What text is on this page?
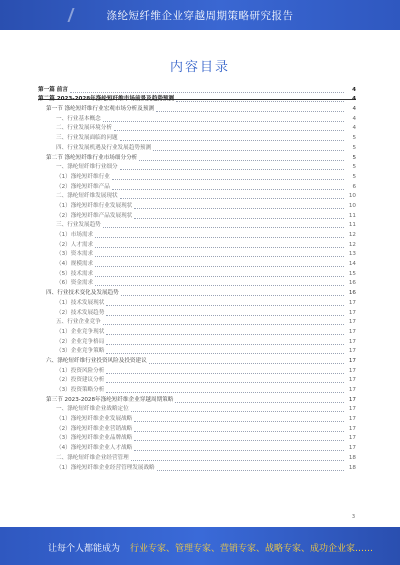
涤纶短纤维企业穿越周期策略研究报告
内容目录
第一篇 前言	4
第二篇 2023-2028年涤纶短纤维市场前景及趋势预测	4
第一节 涤纶短纤维行业宏观市场分析及预测	4
一、行业基本概念	4
二、行业发展环境分析	4
三、行业发展面临的问题	5
四、行业发展机遇及行业发展趋势预测	5
第二节 涤纶短纤维行业市场细分分析	5
一、涤纶短纤维行业细分	5
（1）涤纶短纤维行业	5
（2）涤纶短纤维产品	6
二、涤纶短纤维发展现状	10
（1）涤纶短纤维行业发展现状	10
（2）涤纶短纤维产品发展现状	11
三、行业发展趋势	11
（1）市场需求	12
（2）人才需求	12
（3）资本需求	13
（4）规模需求	14
（5）技术需求	15
（6）资金需求	16
四、行业技术变化及发展趋势	16
（1）技术发展现状	17
（2）技术发展趋势	17
五、行业企业竞争	17
（1）企业竞争现状	17
（2）企业竞争格局	17
（3）企业竞争策略	17
六、涤纶短纤维行业投资风险及投资建议	17
（1）投资风险分析	17
（2）投资建议分析	17
（3）投资策略分析	17
第三节 2023-2028年涤纶短纤维企业穿越周期策略	17
一、涤纶短纤维企业战略定位	17
（1）涤纶短纤维企业发展战略	17
（2）涤纶短纤维企业营销战略	17
（3）涤纶短纤维企业品牌战略	17
（4）涤纶短纤维企业人才战略	17
二、涤纶短纤维企业经营管理	18
（1）涤纶短纤维企业经营管理发展战略	18
3
让每个人都能成为 行业专家、管理专家、营销专家、战略专家、成功企业家……
